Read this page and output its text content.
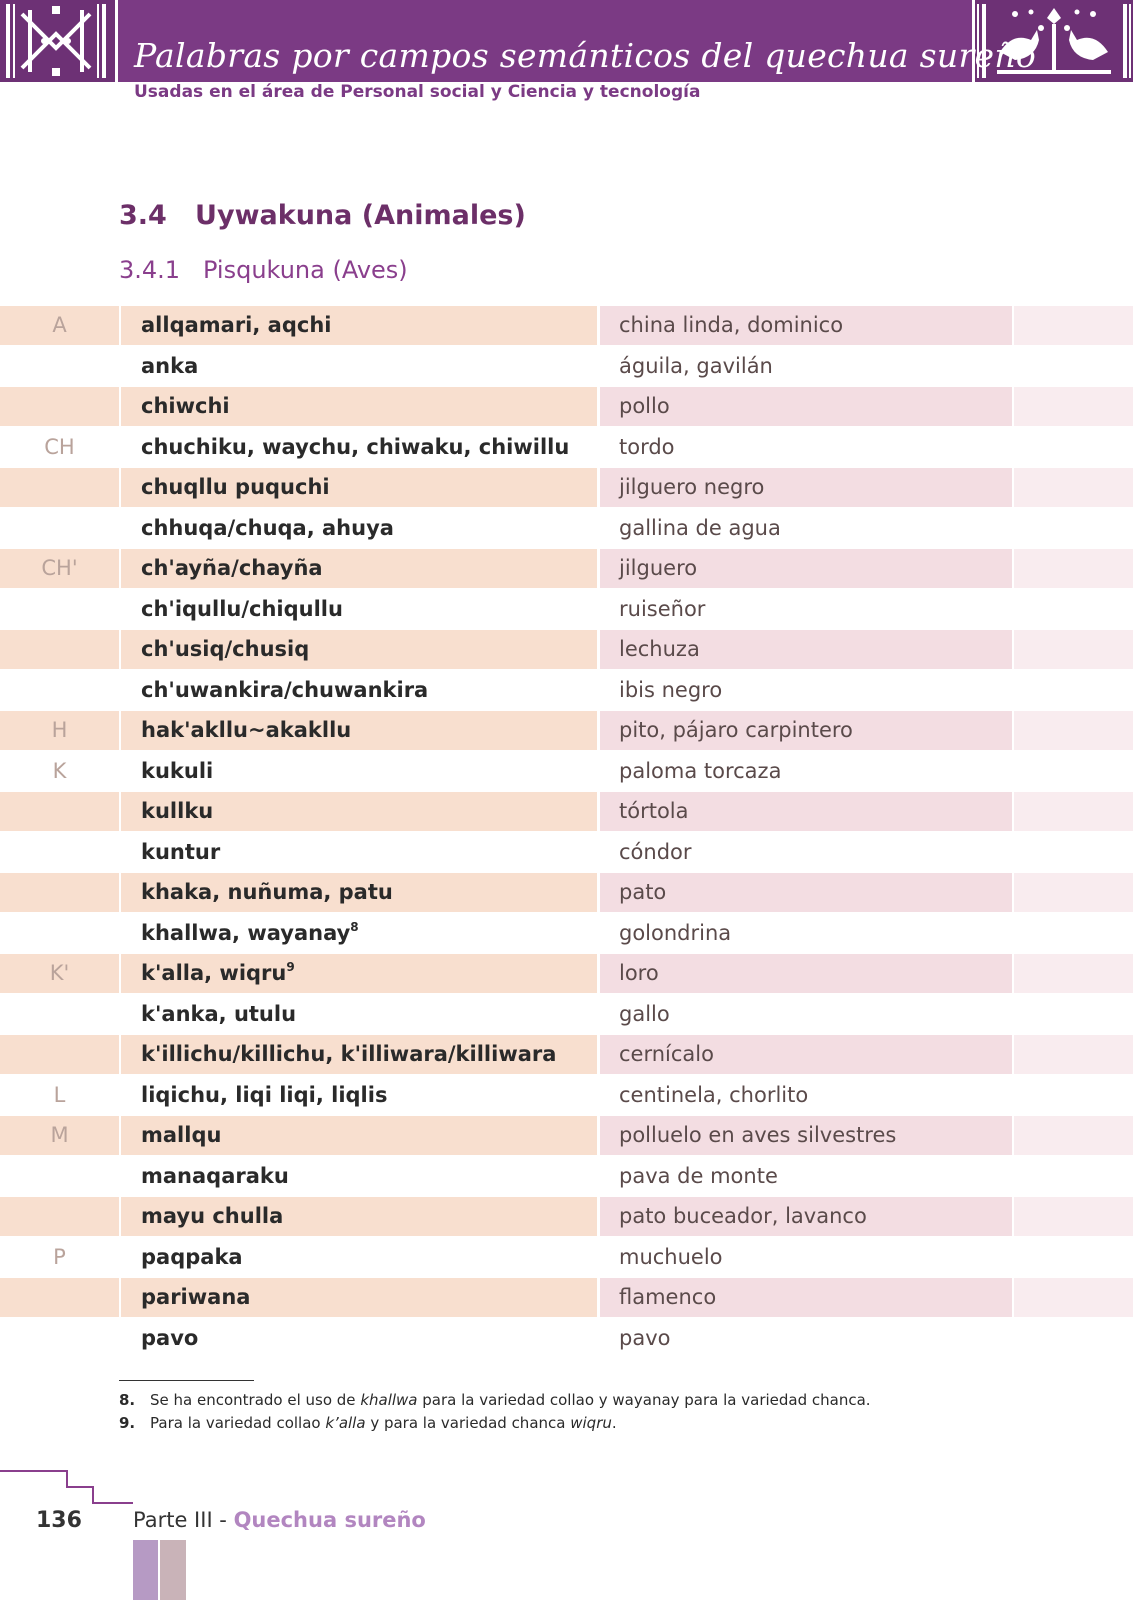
Palabras por campos semánticos del quechua sureño
Usadas en el área de Personal social y Ciencia y tecnología
3.4 Uywakuna (Animales)
3.4.1 Pisqukuna (Aves)
A	allqamari, aqchi	china linda, dominico
anka	águila, gavilán
chiwchi	pollo
CH	chuchiku, waychu, chiwaku, chiwillu	tordo
chuqllu puquchi	jilguero negro
chhuqa/chuqa, ahuya	gallina de agua
CH'	ch'ayña/chayña	jilguero
ch'iqullu/chiqullu	ruiseñor
ch'usiq/chusiq	lechuza
ch'uwankira/chuwankira	ibis negro
H	hak'akllu~akakllu	pito, pájaro carpintero
K	kukuli	paloma torcaza
kullku	tórtola
kuntur	cóndor
khaka, nuñuma, patu	pato
khallwa, wayanay$^8$	golondrina
K'	k'alla, wiqru$^9$	loro
k'anka, utulu	gallo
k'illichu/killichu, k'illiwara/killiwara	cernícalo
L	liqichu, liqi liqi, liqlis	centinela, chorlito
M	mallqu	polluelo en aves silvestres
manaqaraku	pava de monte
mayu chulla	pato buceador, lavanco
P	paqpaka	muchuelo
pariwana	flamenco
pavo	pavo
8. Se ha encontrado el uso de khallwa para la variedad collao y wayanay para la variedad chanca.
9. Para la variedad collao k’alla y para la variedad chanca wiqru.
136 Parte III - Quechua sureño
